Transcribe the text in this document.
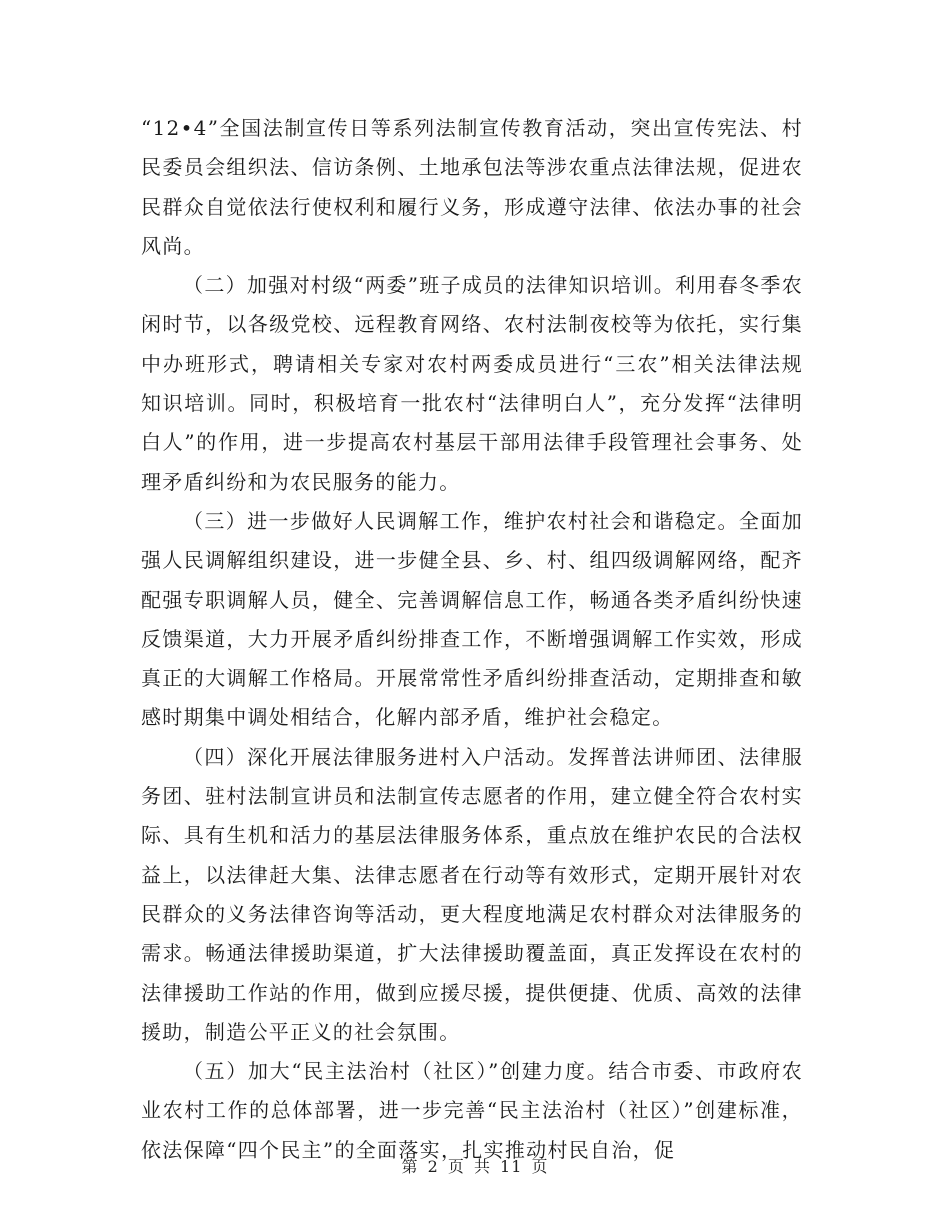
“12•4”全国法制宣传日等系列法制宣传教育活动，突出宣传宪法、村民委员会组织法、信访条例、土地承包法等涉农重点法律法规，促进农民群众自觉依法行使权利和履行义务，形成遵守法律、依法办事的社会风尚。

（二）加强对村级“两委”班子成员的法律知识培训。利用春冬季农闲时节，以各级党校、远程教育网络、农村法制夜校等为依托，实行集中办班形式，聘请相关专家对农村两委成员进行“三农”相关法律法规知识培训。同时，积极培育一批农村“法律明白人”，充分发挥“法律明白人”的作用，进一步提高农村基层干部用法律手段管理社会事务、处理矛盾纠纷和为农民服务的能力。

（三）进一步做好人民调解工作，维护农村社会和谐稳定。全面加强人民调解组织建设，进一步健全县、乡、村、组四级调解网络，配齐配强专职调解人员，健全、完善调解信息工作，畅通各类矛盾纠纷快速反馈渠道，大力开展矛盾纠纷排查工作，不断增强调解工作实效，形成真正的大调解工作格局。开展常常性矛盾纠纷排查活动，定期排查和敏感时期集中调处相结合，化解内部矛盾，维护社会稳定。

（四）深化开展法律服务进村入户活动。发挥普法讲师团、法律服务团、驻村法制宣讲员和法制宣传志愿者的作用，建立健全符合农村实际、具有生机和活力的基层法律服务体系，重点放在维护农民的合法权益上，以法律赶大集、法律志愿者在行动等有效形式，定期开展针对农民群众的义务法律咨询等活动，更大程度地满足农村群众对法律服务的需求。畅通法律援助渠道，扩大法律援助覆盖面，真正发挥设在农村的法律援助工作站的作用，做到应援尽援，提供便捷、优质、高效的法律援助，制造公平正义的社会氛围。

（五）加大“民主法治村（社区）”创建力度。结合市委、市政府农业农村工作的总体部署，进一步完善“民主法治村（社区）”创建标准，依法保障“四个民主”的全面落实，扎实推动村民自治，促

第 2 页 共 11 页
